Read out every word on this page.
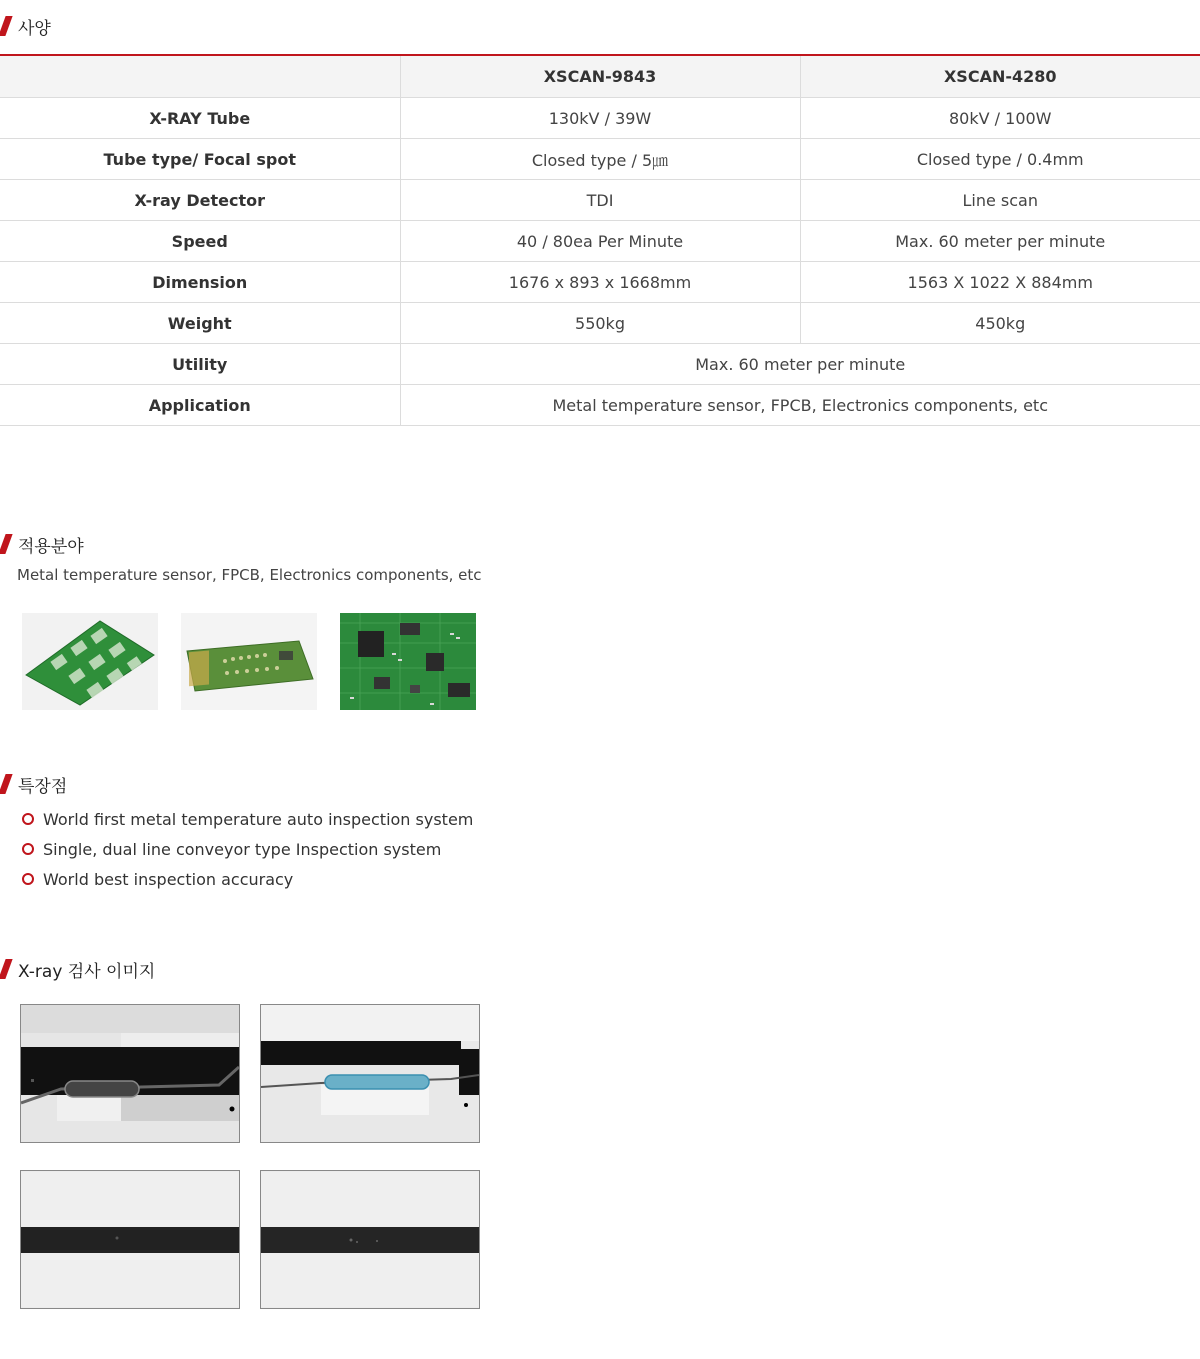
사양
	XSCAN-9843	XSCAN-4280
X-RAY Tube	130kV / 39W	80kV / 100W
Tube type/ Focal spot	Closed type / 5㎛	Closed type / 0.4mm
X-ray Detector	TDI	Line scan
Speed	40 / 80ea Per Minute	Max. 60 meter per minute
Dimension	1676 x 893 x 1668mm	1563 X 1022 X 884mm
Weight	550kg	450kg
Utility	Max. 60 meter per minute	
Application	Metal temperature sensor, FPCB, Electronics components, etc	
적용분야
Metal temperature sensor, FPCB, Electronics components, etc
특장점
World first metal temperature auto inspection system
Single, dual line conveyor type Inspection system
World best inspection accuracy
X-ray 검사 이미지
